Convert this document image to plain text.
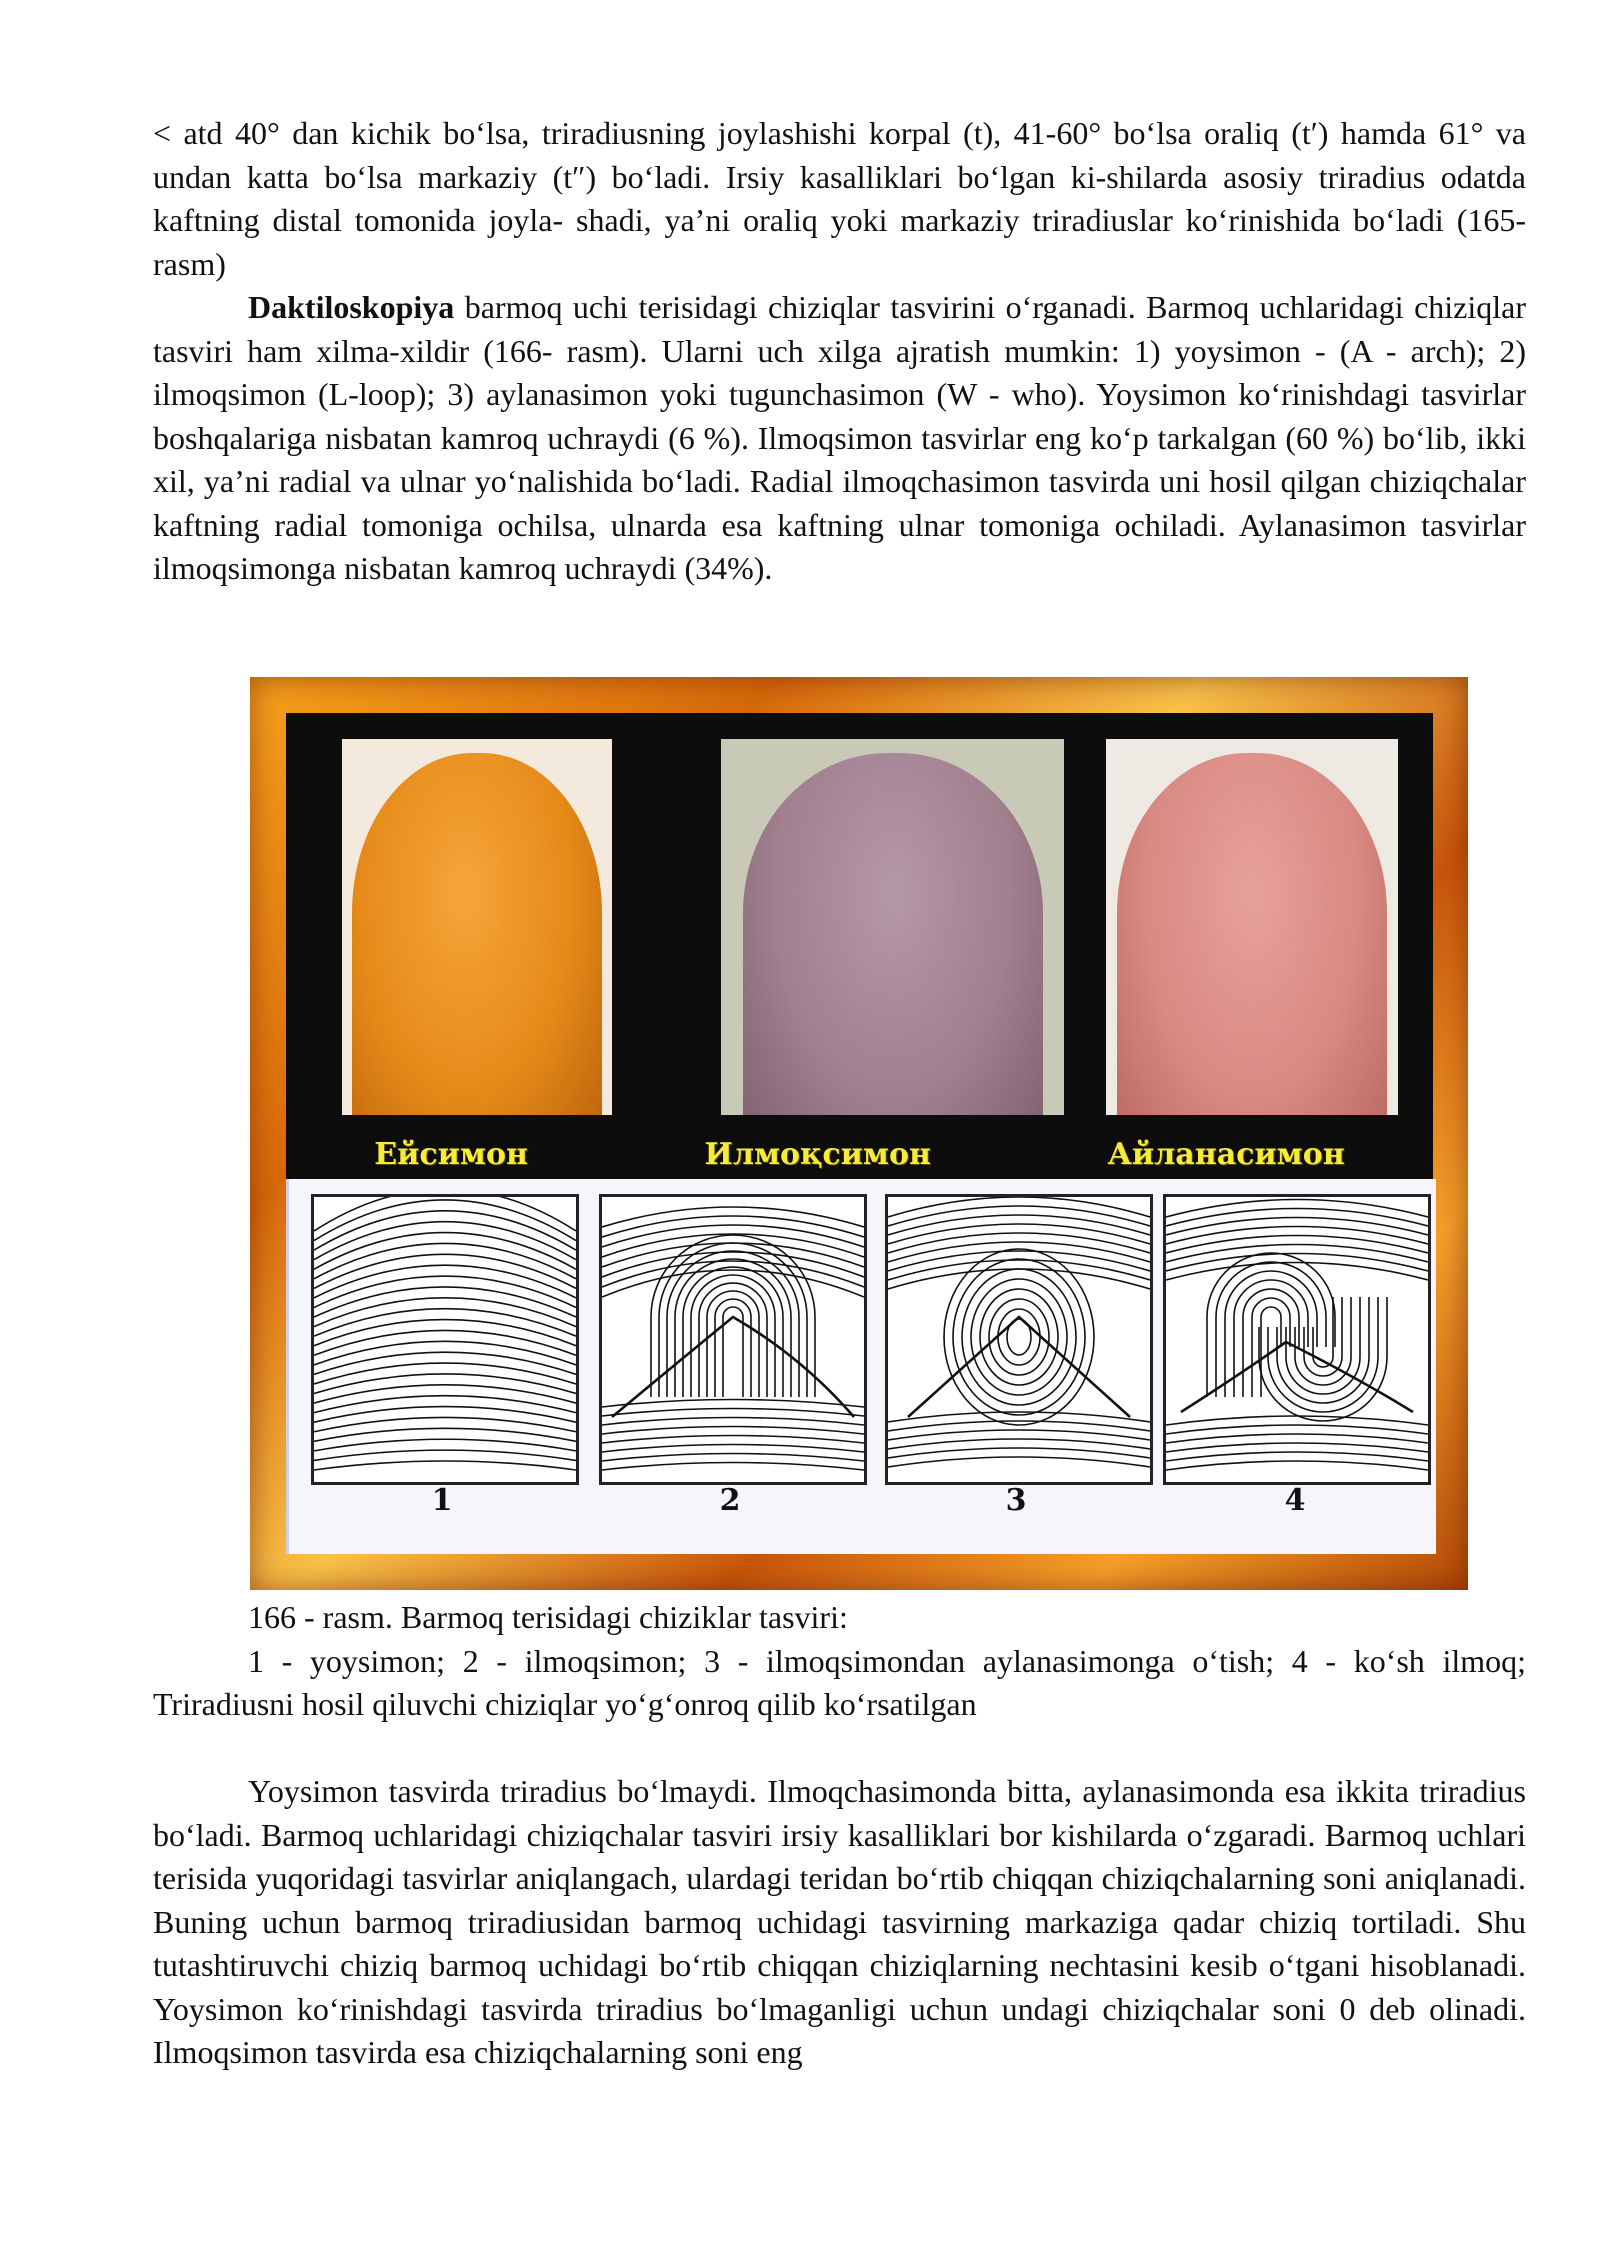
< atd 40° dan kichik bo‘lsa, triradiusning joylashishi korpal (t), 41-60° bo‘lsa oraliq (t′) hamda 61° va undan katta bo‘lsa markaziy (t″) bo‘ladi. Irsiy kasalliklari bo‘lgan ki-shilarda asosiy triradius odatda kaftning distal tomonida joyla- shadi, ya’ni oraliq yoki markaziy triradiuslar ko‘rinishida bo‘ladi (165-rasm)

Daktiloskopiya barmoq uchi terisidagi chiziqlar tasvirini o‘rganadi. Barmoq uchlaridagi chiziqlar tasviri ham xilma-xildir (166- rasm). Ularni uch xilga ajratish mumkin: 1) yoysimon - (A - arch); 2) ilmoqsimon (L-loop); 3) aylanasimon yoki tugunchasimon (W - who). Yoysimon ko‘rinishdagi tasvirlar boshqalariga nisbatan kamroq uchraydi (6 %). Ilmoqsimon tasvirlar eng ko‘p tarkalgan (60 %) bo‘lib, ikki xil, ya’ni radial va ulnar yo‘nalishida bo‘ladi. Radial ilmoqchasimon tasvirda uni hosil qilgan chiziqchalar kaftning radial tomoniga ochilsa, ulnarda esa kaftning ulnar tomoniga ochiladi. Aylanasimon tasvirlar ilmoqsimonga nisbatan kamroq uchraydi (34%).

Ейсимон	Илмоқсимон	Айланасимон
1	2	3	4

166 - rasm. Barmoq terisidagi chiziklar tasviri:

1 - yoysimon; 2 - ilmoqsimon; 3 - ilmoqsimondan aylanasimonga o‘tish; 4 - ko‘sh ilmoq; Triradiusni hosil qiluvchi chiziqlar yo‘g‘onroq qilib ko‘rsatilgan

Yoysimon tasvirda triradius bo‘lmaydi. Ilmoqchasimonda bitta, aylanasimonda esa ikkita triradius bo‘ladi. Barmoq uchlaridagi chiziqchalar tasviri irsiy kasalliklari bor kishilarda o‘zgaradi. Barmoq uchlari terisida yuqoridagi tasvirlar aniqlangach, ulardagi teridan bo‘rtib chiqqan chiziqchalarning soni aniqlanadi. Buning uchun barmoq triradiusidan barmoq uchidagi tasvirning markaziga qadar chiziq tortiladi. Shu tutashtiruvchi chiziq barmoq uchidagi bo‘rtib chiqqan chiziqlarning nechtasini kesib o‘tgani hisoblanadi. Yoysimon ko‘rinishdagi tasvirda triradius bo‘lmaganligi uchun undagi chiziqchalar soni 0 deb olinadi. Ilmoqsimon tasvirda esa chiziqchalarning soni eng
